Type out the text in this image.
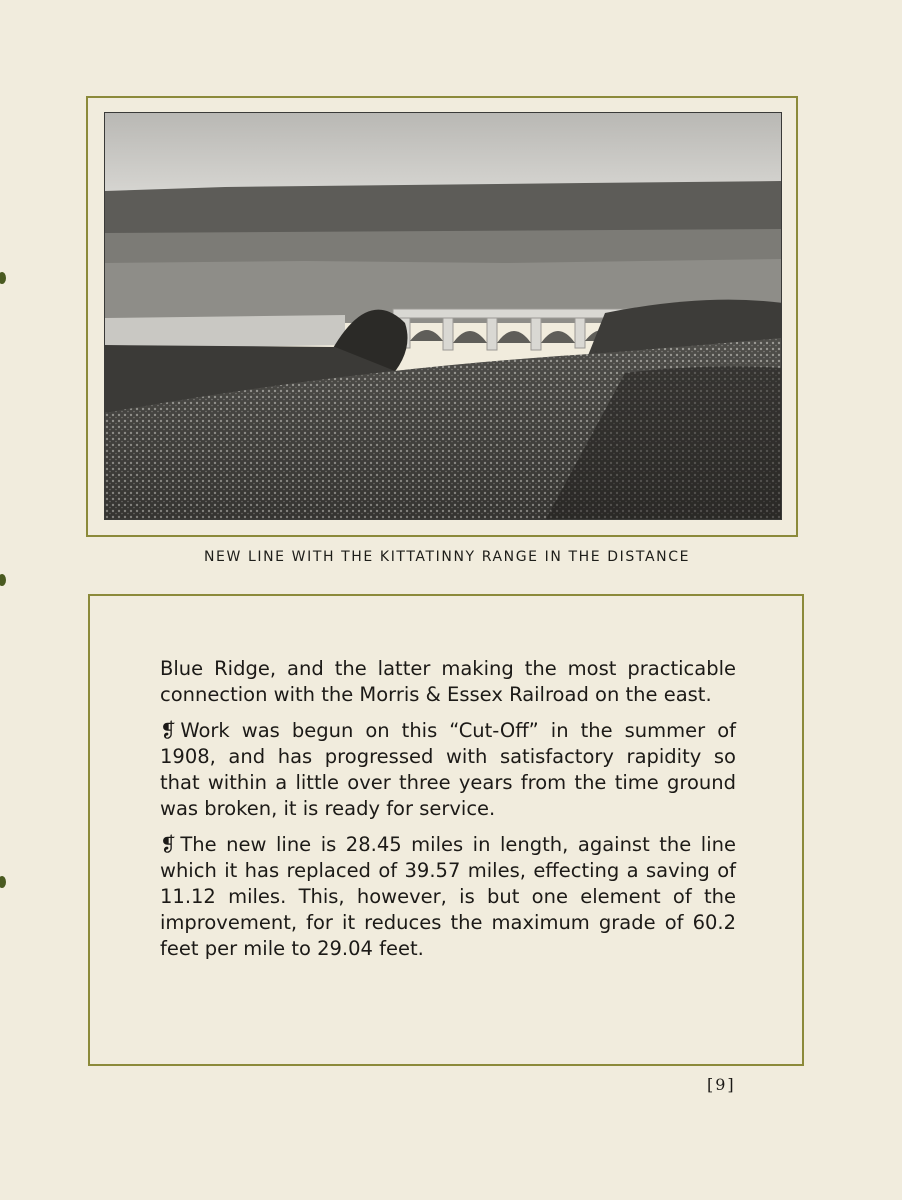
NEW LINE WITH THE KITTATINNY RANGE IN THE DISTANCE

Blue Ridge, and the latter making the most practicable connection with the Morris & Essex Railroad on the east.

❡ Work was begun on this “Cut-Off” in the summer of 1908, and has progressed with satisfactory rapidity so that within a little over three years from the time ground was broken, it is ready for service.

❡ The new line is 28.45 miles in length, against the line which it has replaced of 39.57 miles, effecting a saving of 11.12 miles. This, however, is but one element of the improvement, for it reduces the maximum grade of 60.2 feet per mile to 29.04 feet.

[9]
